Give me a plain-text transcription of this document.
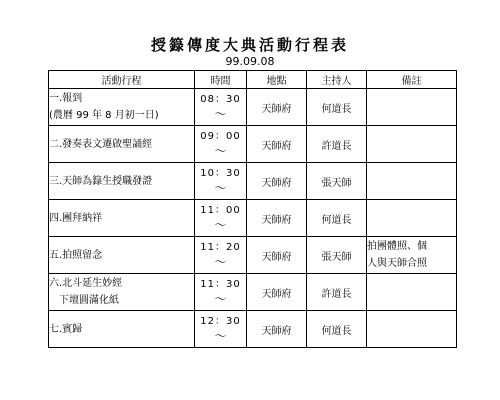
授籙傳度大典活動行程表
99.09.08
活動行程	時間	地點	主持人	備註

一.報到
(農曆 99 年 8 月初一日)	08：30
～	天師府	何道長	

二.發奏表文遷啟聖誦經	09：00
～	天師府	許道長	

三.天師為籙生授職發證	10：30
～	天師府	張天師	

四.團拜納祥	11：00
～	天師府	何道長	

五.拍照留念	11：20
～	天師府	張天師	拍團體照、個
人與天師合照

六.北斗延生妙經
下壇圓滿化紙	11：30
～	天師府	許道長	

七.賓歸	12：30
～	天師府	何道長	
